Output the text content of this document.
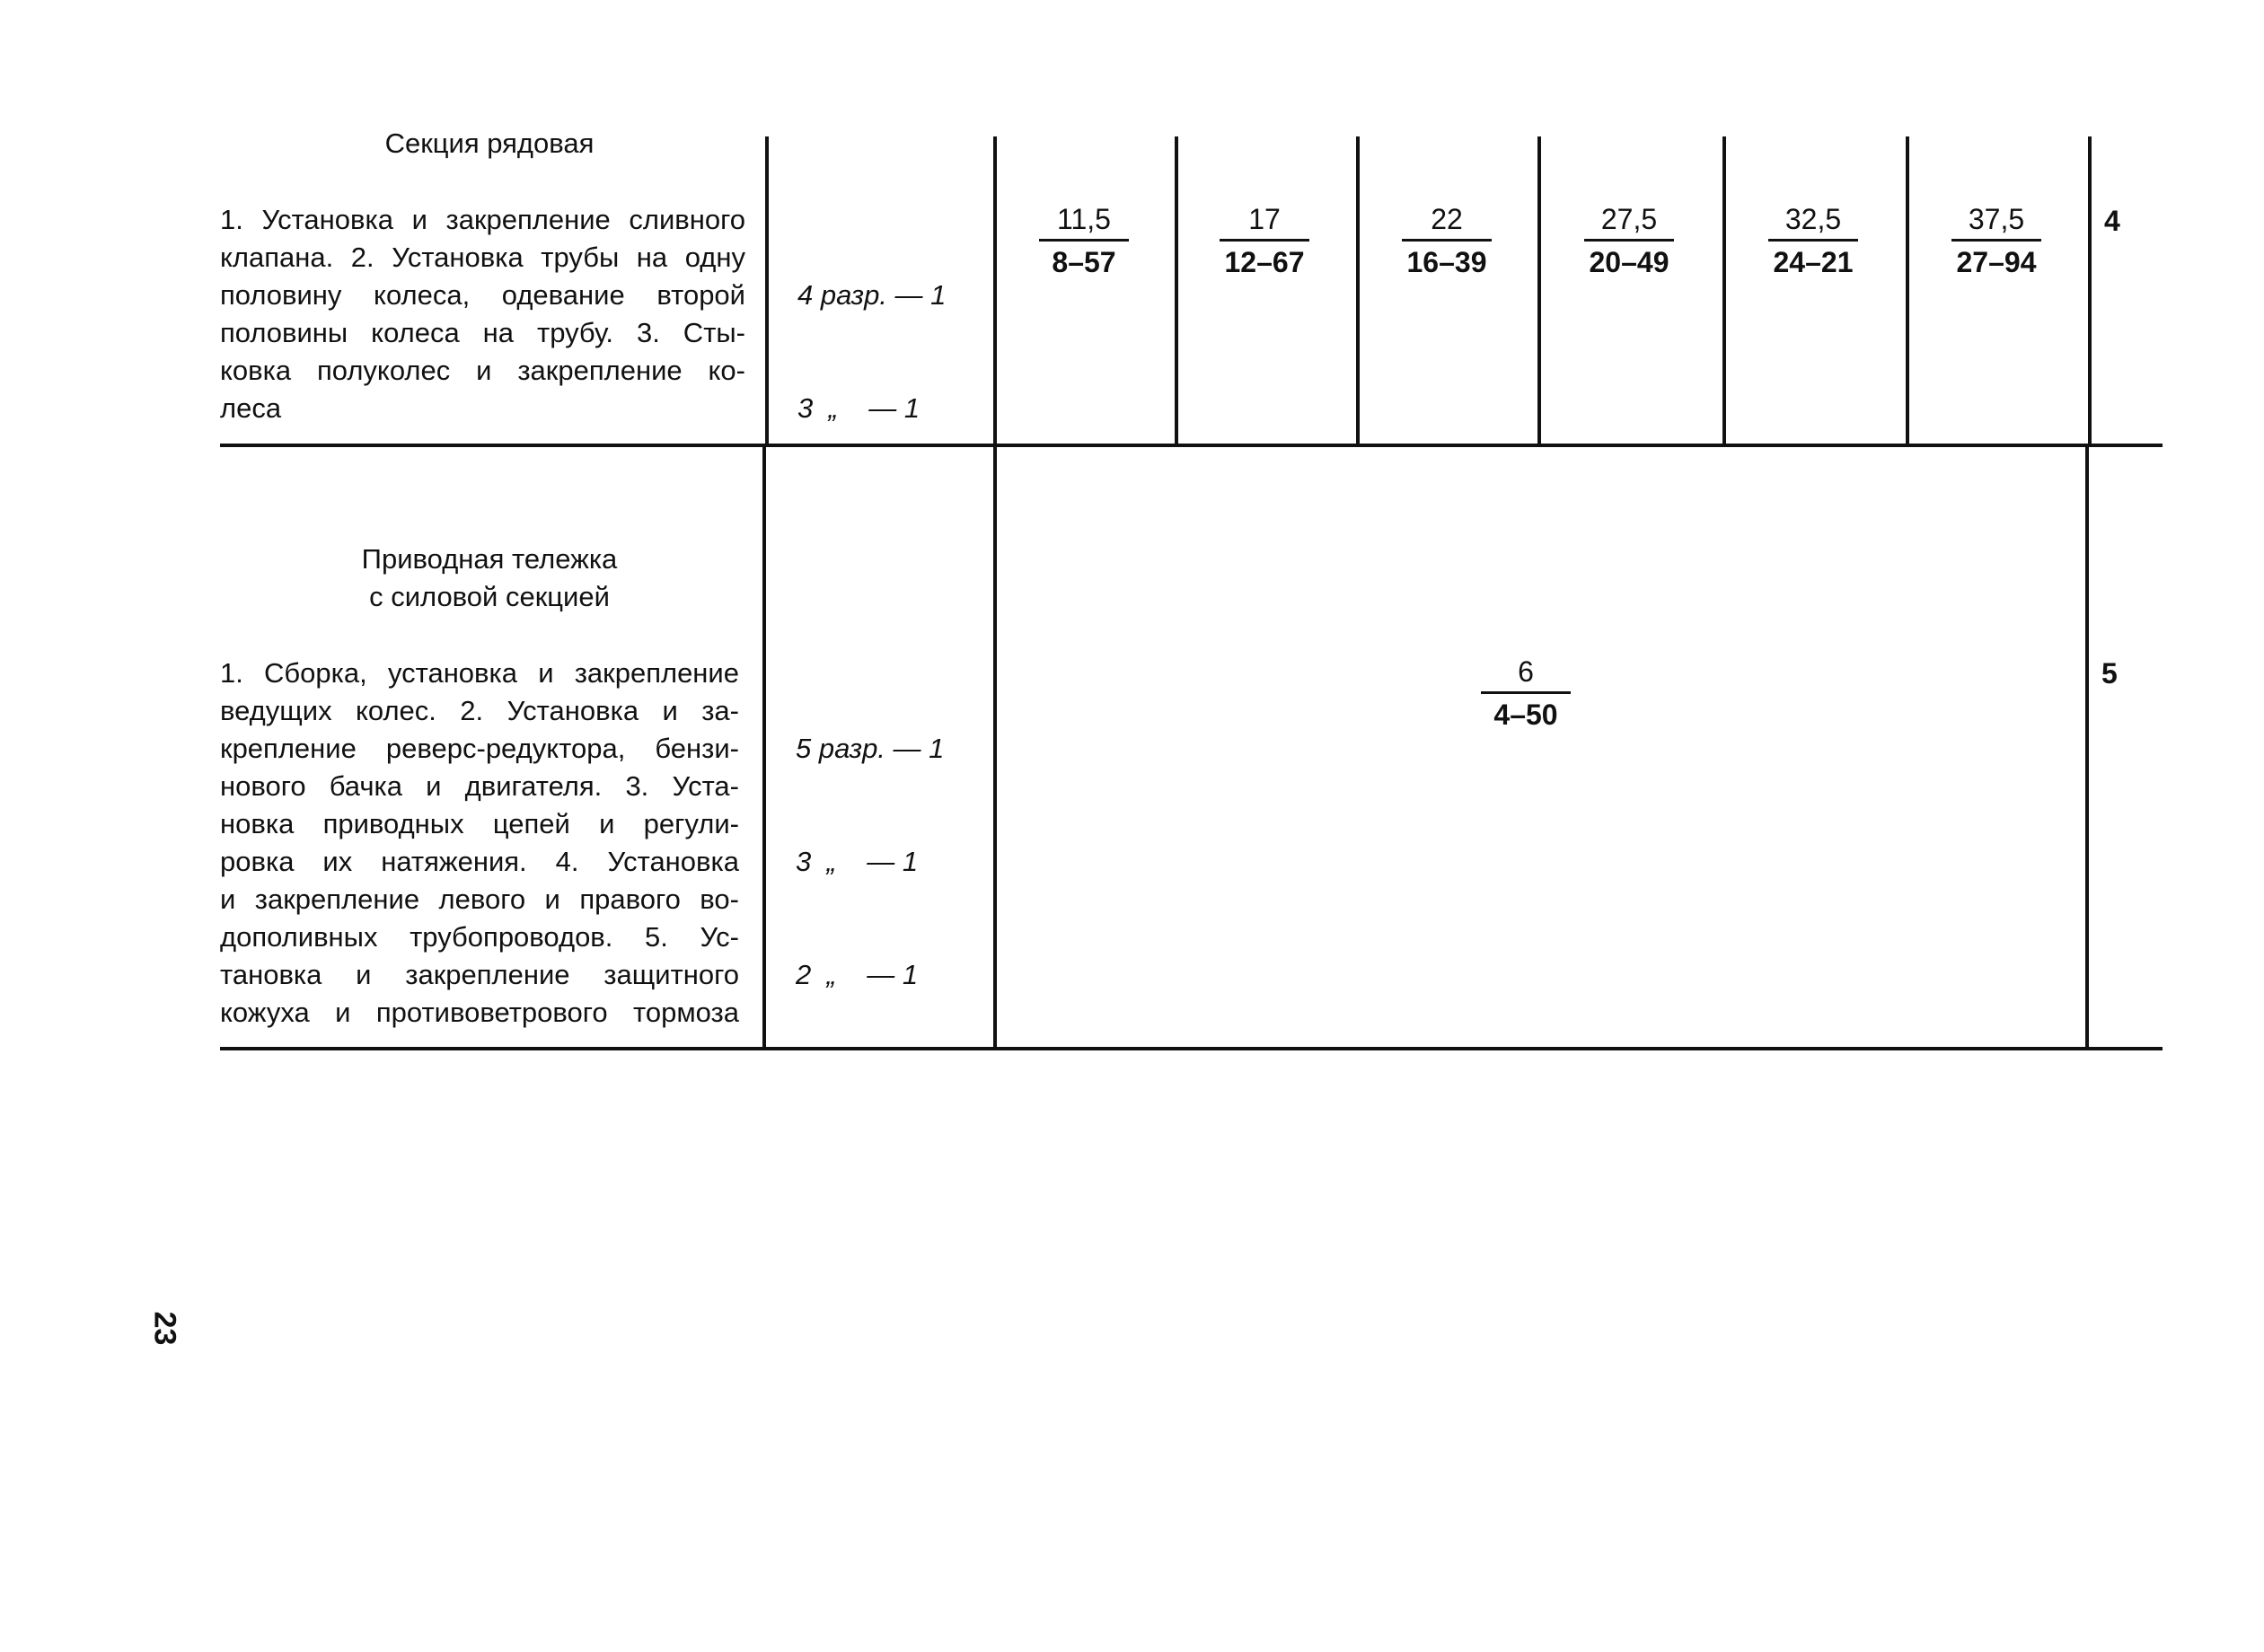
Секция рядовая
1. Установка и закрепление сливного
клапана. 2. Установка трубы на одну
половину колеса, одевание второй
половины колеса на трубу. 3. Сты-
ковка полуколес и закрепление ко-
леса

4 разр. — 1

3  „    — 1

11,5
8–57
17
12–67
22
16–39
27,5
20–49
32,5
24–21
37,5
27–94
4
Приводная тележка
с силовой секцией
1. Сборка, установка и закрепление
ведущих колес. 2. Установка и за-
крепление реверс-редуктора, бензи-
нового бачка и двигателя. 3. Уста-
новка приводных цепей и регули-
ровка их натяжения. 4. Установка
и закрепление левого и правого во-
дополивных трубопроводов. 5. Ус-
тановка и закрепление защитного
кожуха и противоветрового тормоза

5 разр. — 1

3  „    — 1

2  „    — 1

6
4–50
5
23
